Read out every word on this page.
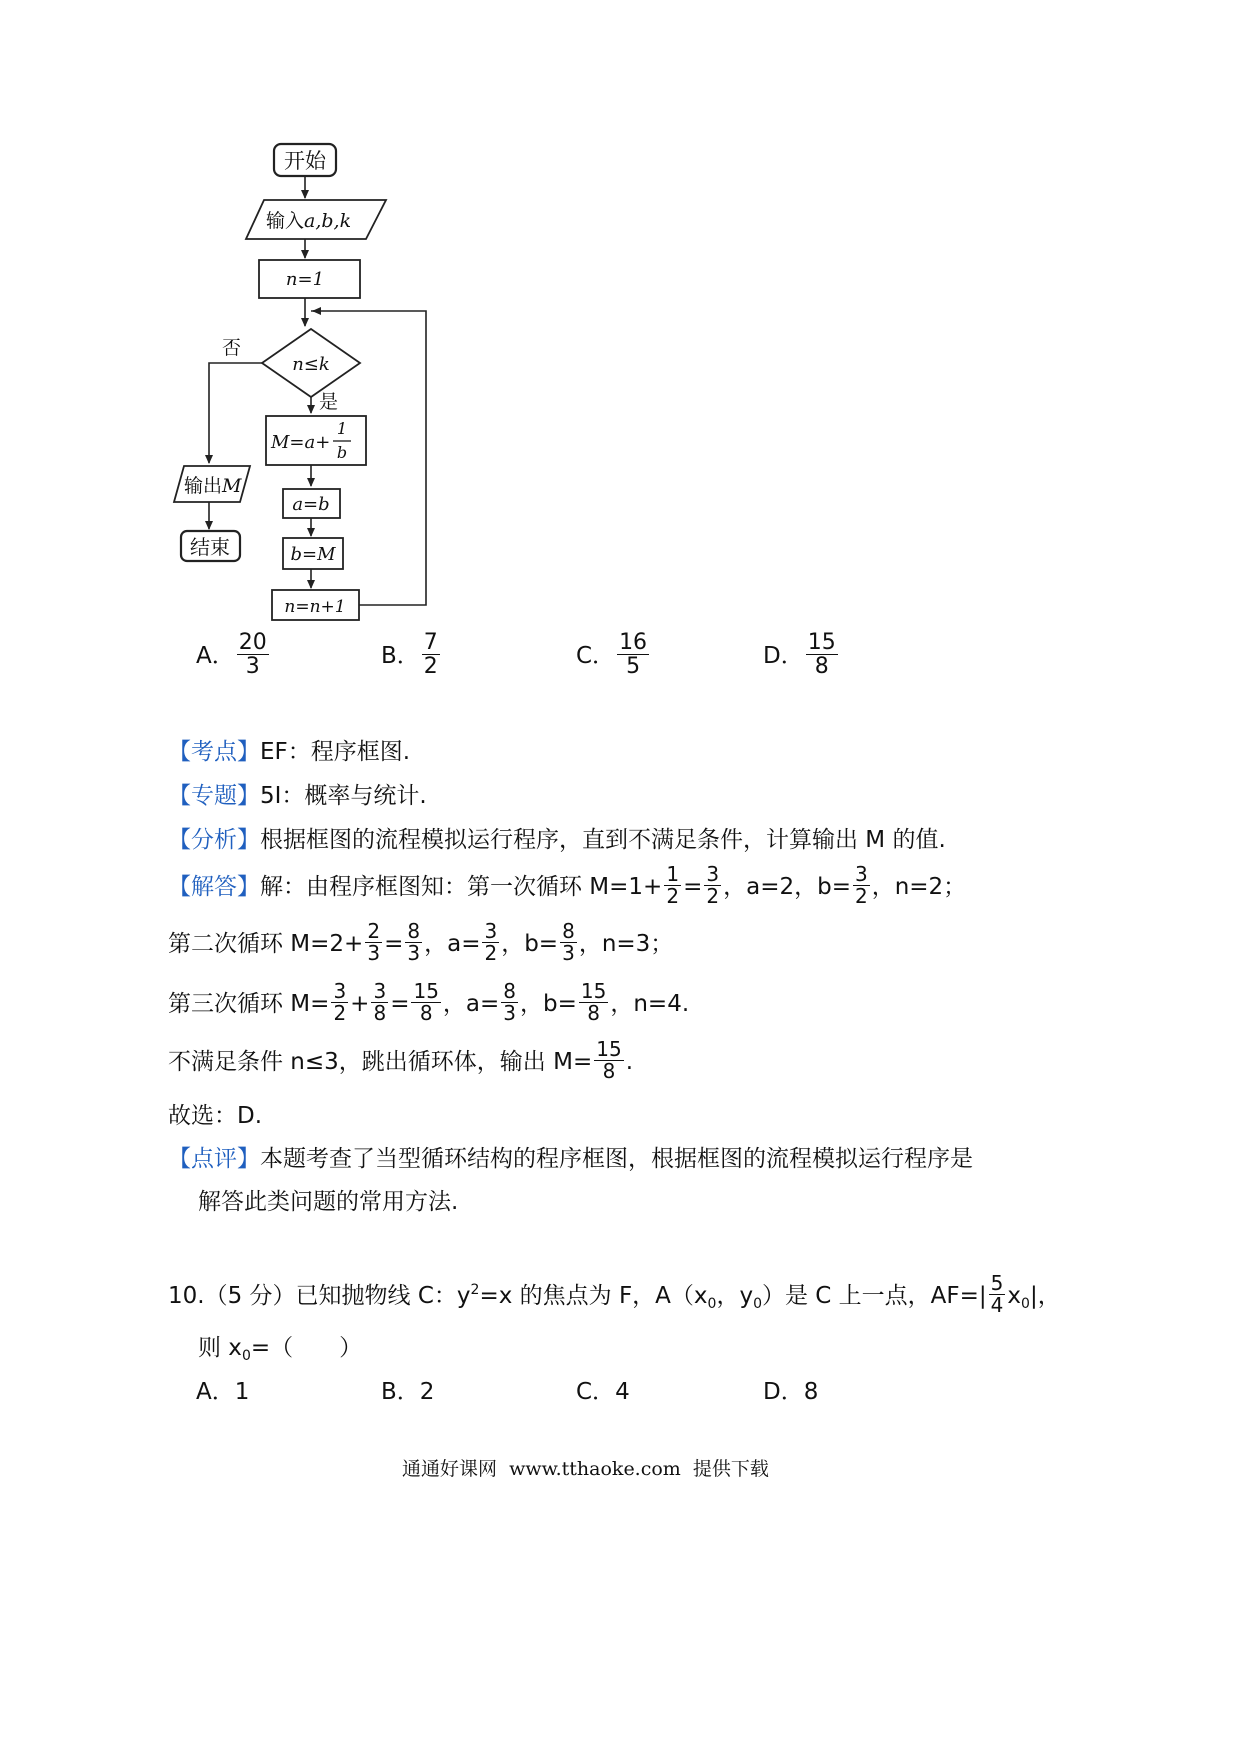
开始
输入a,b,k
n=1
n≤k
否
是
M=a+
1
b
a=b
b=M
n=n+1
输出M
结束
A． $\frac{20}{3}$	B． $\frac{7}{2}$	C． $\frac{16}{5}$	D． $\frac{15}{8}$
【考点】EF：程序框图.
【专题】5I：概率与统计.
【分析】根据框图的流程模拟运行程序，直到不满足条件，计算输出 M 的值.
【解答】解：由程序框图知：第一次循环 $M=1+ \frac{1}{2} = \frac{3}{2}$ ，a=2，$b= \frac{3}{2}$ ，n=2；
第二次循环 $M=2+ \frac{2}{3} = \frac{8}{3}$ ，$a= \frac{3}{2}$ ，$b= \frac{8}{3}$ ，n=3；
第三次循环 $M= \frac{3}{2} + \frac{3}{8} = \frac{15}{8}$ ，$a= \frac{8}{3}$ ，$b= \frac{15}{8}$ ，n=4.
不满足条件 n≤3，跳出循环体，输出 $M= \frac{15}{8}$ .
故选：D.
【点评】本题考查了当型循环结构的程序框图，根据框图的流程模拟运行程序是
解答此类问题的常用方法.
10.（5 分）已知抛物线 C：$y^2=x$ 的焦点为 F，$A(x_0$，$y_0$）是 C 上一点，$AF=| \frac{5}{4} x_0|$，
则 $x_0=$（　　）
A．1	B．2	C．4	D．8
通通好课网  www.tthaoke.com  提供下载
